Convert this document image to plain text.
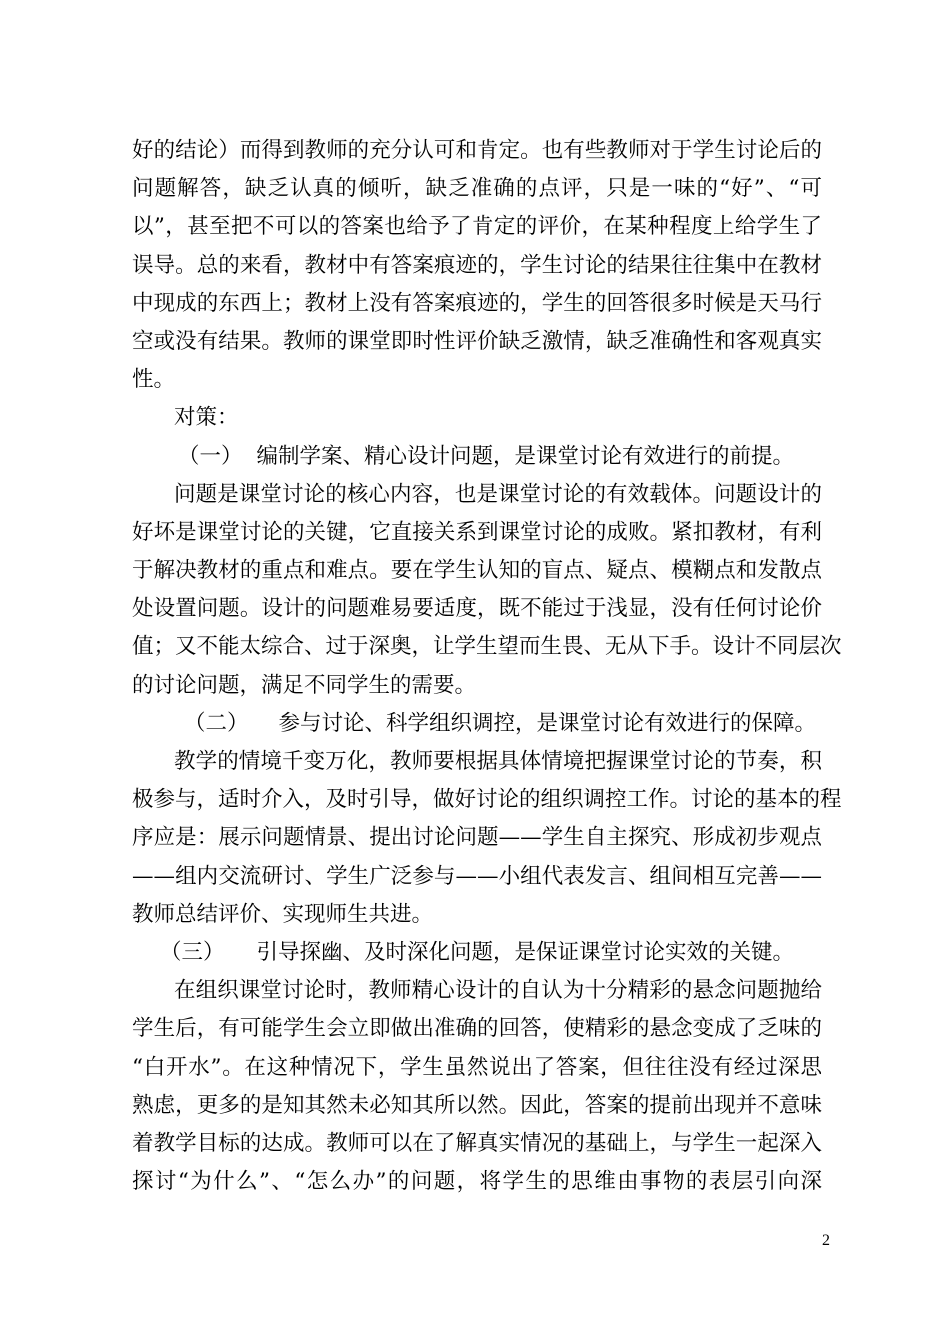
好的结论）而得到教师的充分认可和肯定。也有些教师对于学生讨论后的
问题解答，缺乏认真的倾听，缺乏准确的点评，只是一味的“好”、“可
以”，甚至把不可以的答案也给予了肯定的评价，在某种程度上给学生了
误导。总的来看，教材中有答案痕迹的，学生讨论的结果往往集中在教材
中现成的东西上；教材上没有答案痕迹的，学生的回答很多时候是天马行
空或没有结果。教师的课堂即时性评价缺乏激情，缺乏准确性和客观真实
性。
对策：
（一） 编制学案、精心设计问题，是课堂讨论有效进行的前提。
问题是课堂讨论的核心内容，也是课堂讨论的有效载体。问题设计的
好坏是课堂讨论的关键，它直接关系到课堂讨论的成败。紧扣教材，有利
于解决教材的重点和难点。要在学生认知的盲点、疑点、模糊点和发散点
处设置问题。设计的问题难易要适度，既不能过于浅显，没有任何讨论价
值；又不能太综合、过于深奥，让学生望而生畏、无从下手。设计不同层次
的讨论问题，满足不同学生的需要。
（二） 参与讨论、科学组织调控，是课堂讨论有效进行的保障。
教学的情境千变万化，教师要根据具体情境把握课堂讨论的节奏，积
极参与，适时介入，及时引导，做好讨论的组织调控工作。讨论的基本的程
序应是：展示问题情景、提出讨论问题——学生自主探究、形成初步观点
——组内交流研讨、学生广泛参与——小组代表发言、组间相互完善——
教师总结评价、实现师生共进。
（三） 引导探幽、及时深化问题，是保证课堂讨论实效的关键。
在组织课堂讨论时，教师精心设计的自认为十分精彩的悬念问题抛给
学生后，有可能学生会立即做出准确的回答，使精彩的悬念变成了乏味的
“白开水”。在这种情况下，学生虽然说出了答案，但往往没有经过深思
熟虑，更多的是知其然未必知其所以然。因此，答案的提前出现并不意味
着教学目标的达成。教师可以在了解真实情况的基础上，与学生一起深入
探讨“为什么”、“怎么办”的问题，将学生的思维由事物的表层引向深
2
